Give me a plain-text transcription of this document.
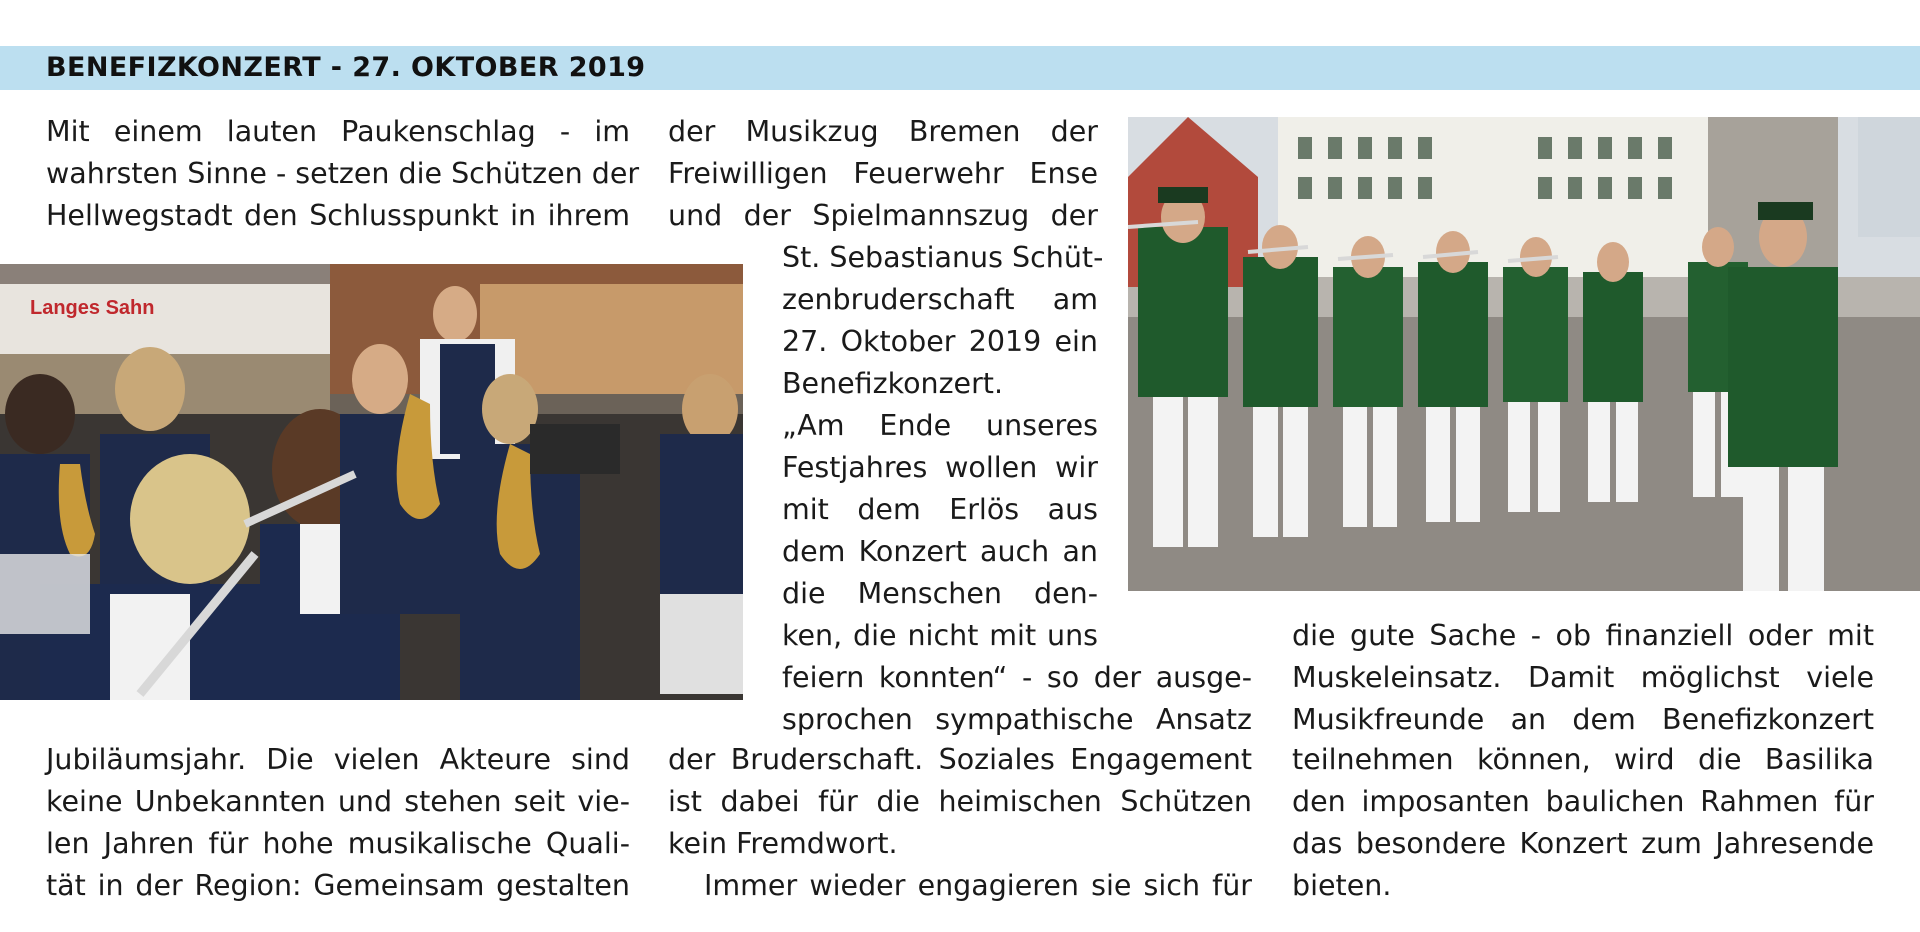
BENEFIZKONZERT - 27. OKTOBER 2019
Mit einem lauten Paukenschlag - im
wahrsten Sinne - setzen die Schützen der
Hellwegstadt den Schlusspunkt in ihrem
Langes Sahn
Jubiläumsjahr. Die vielen Akteure sind
keine Unbekannten und stehen seit vie-
len Jahren für hohe musikalische Quali-
tät in der Region: Gemeinsam gestalten
der Musikzug Bremen der
Freiwilligen Feuerwehr Ense
und der Spielmannszug der
St. Sebastianus Schüt-
zenbruderschaft am
27. Oktober 2019 ein
Benefizkonzert.
„Am Ende unseres
Festjahres wollen wir
mit dem Erlös aus
dem Konzert auch an
die Menschen den-
ken, die nicht mit uns
feiern konnten“ - so der ausge-
sprochen sympathische Ansatz
der Bruderschaft. Soziales Engagement
ist dabei für die heimischen Schützen
kein Fremdwort.
Immer wieder engagieren sie sich für
die gute Sache - ob finanziell oder mit
Muskeleinsatz. Damit möglichst viele
Musikfreunde an dem Benefizkonzert
teilnehmen können, wird die Basilika
den imposanten baulichen Rahmen für
das besondere Konzert zum Jahresende
bieten.
